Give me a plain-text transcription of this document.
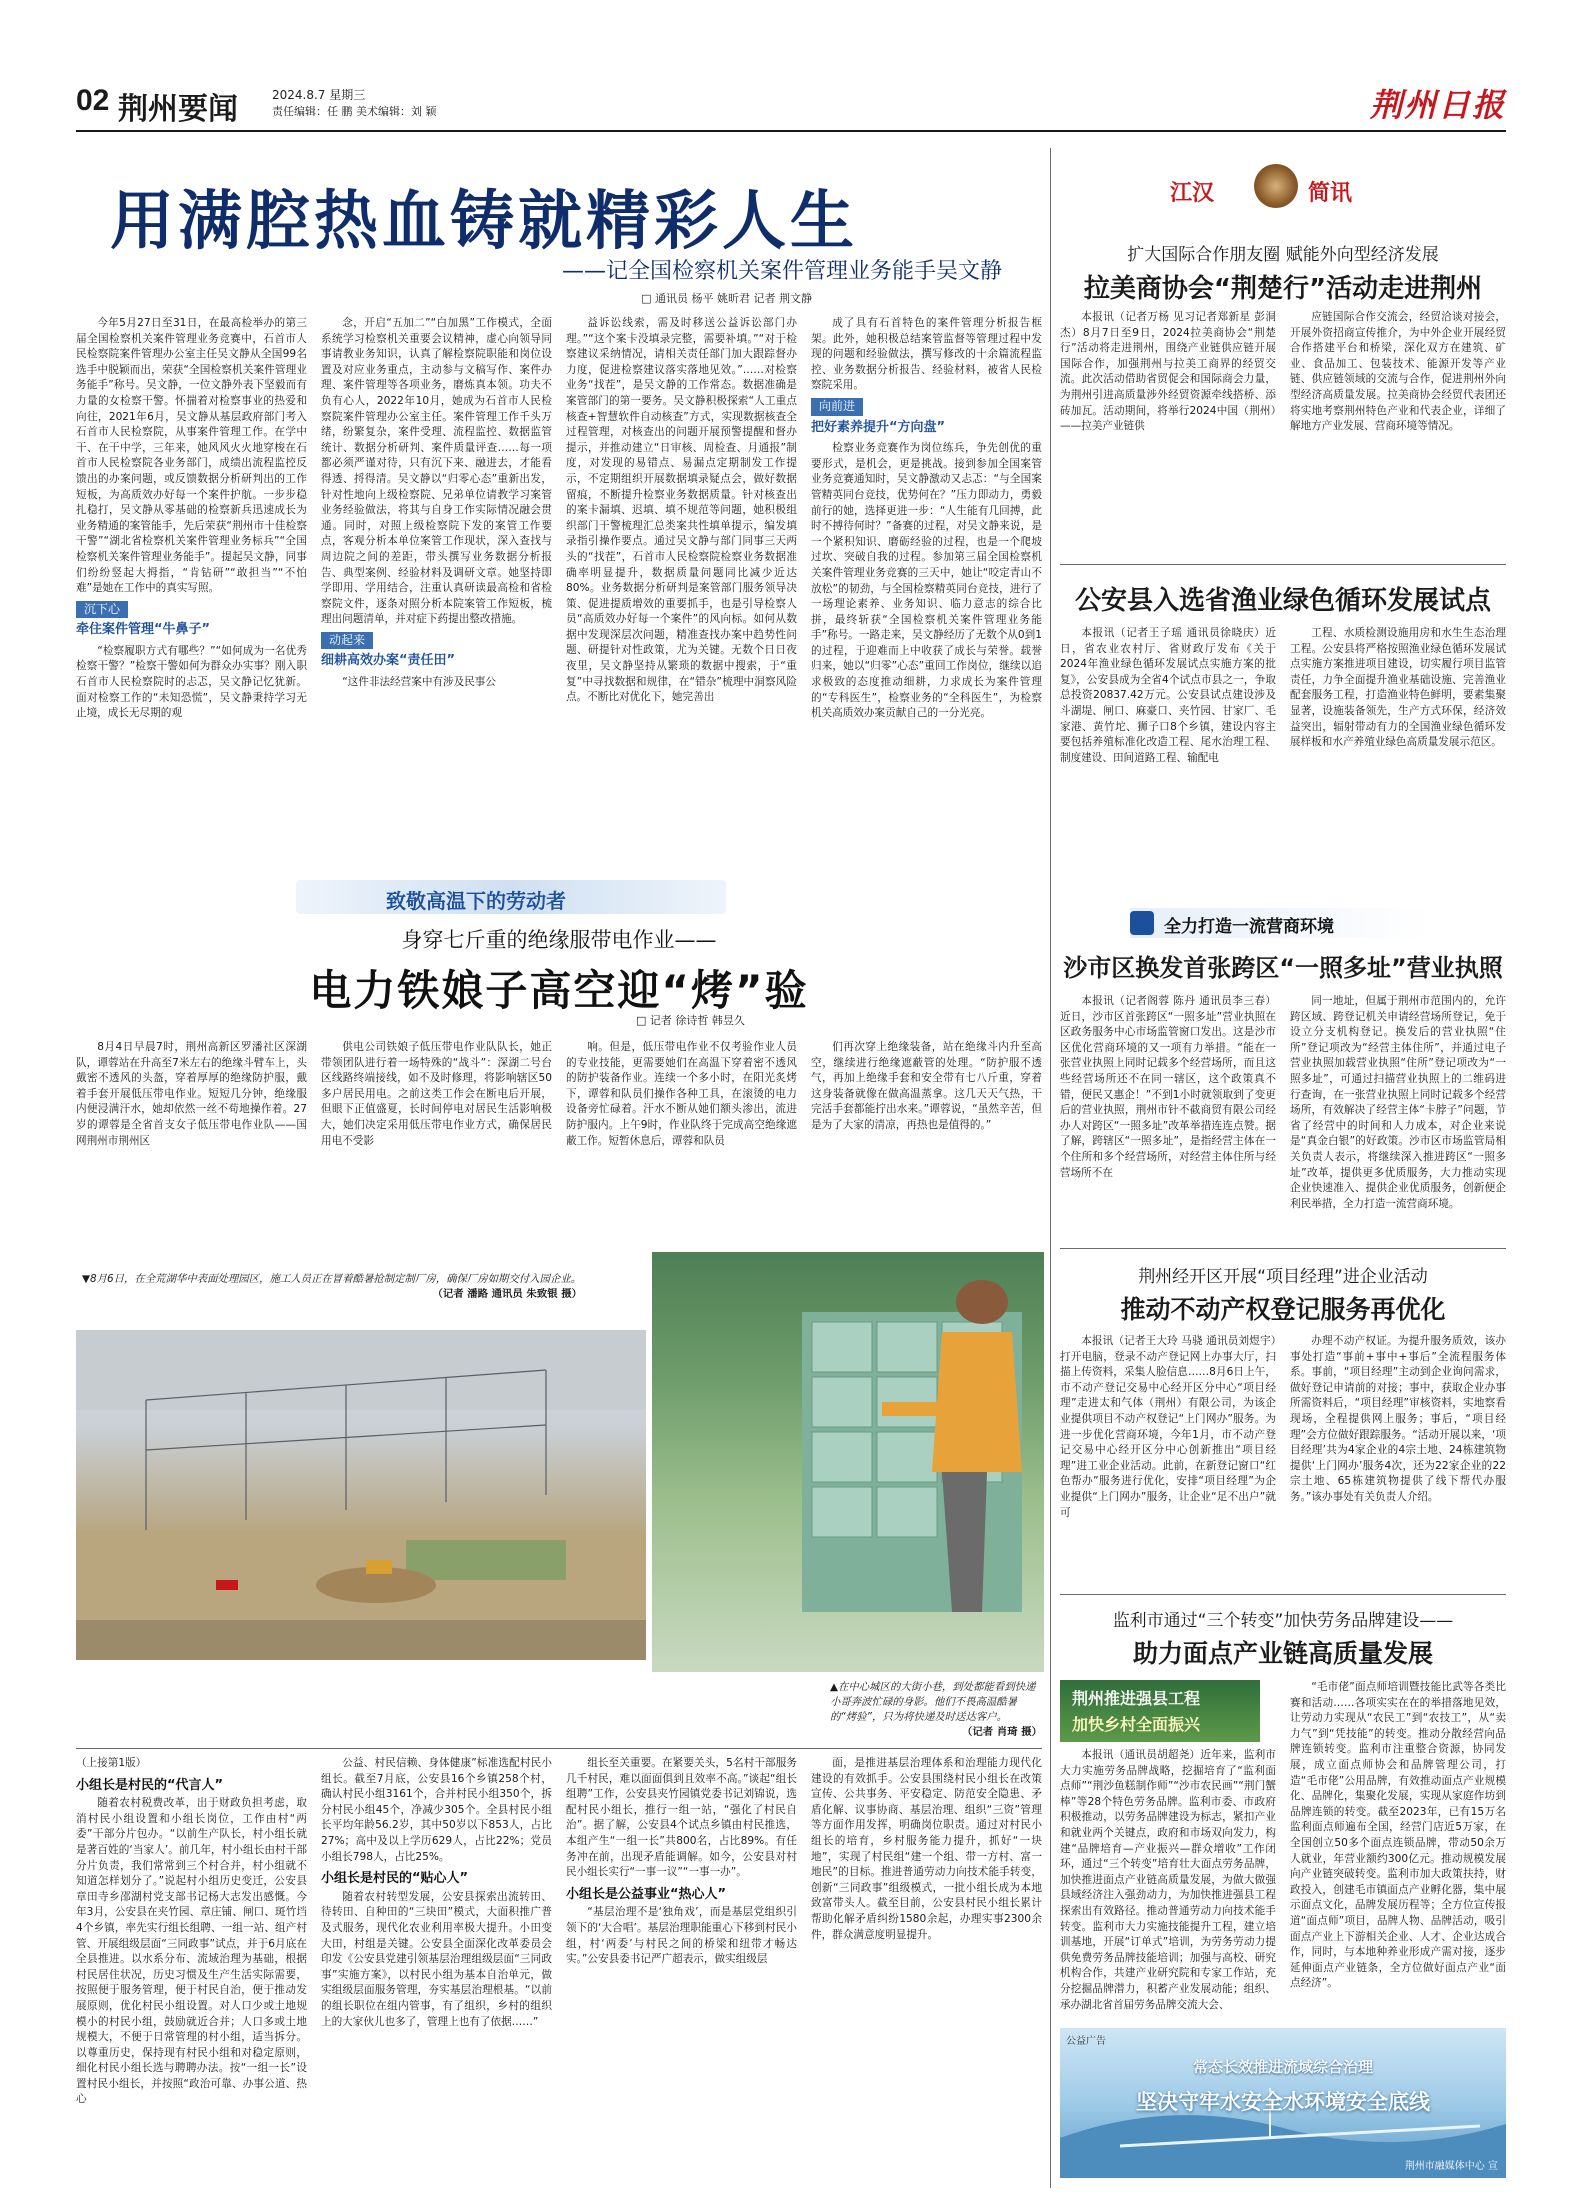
02 荆州要闻	2024.8.7 星期三
责任编辑：任 鹏 美术编辑：刘 颖	荆州日报
用满腔热血铸就精彩人生
——记全国检察机关案件管理业务能手吴文静
□ 通讯员 杨平 姚昕君 记者 荆文静

今年5月27日至31日，在最高检举办的第三届全国检察机关案件管理业务竞赛中，石首市人民检察院案件管理办公室主任吴文静从全国99名选手中脱颖而出，荣获“全国检察机关案件管理业务能手”称号。吴文静，一位文静外表下坚毅而有力量的女检察干警。怀揣着对检察事业的热爱和向往，2021年6月，吴文静从基层政府部门考入石首市人民检察院，从事案件管理工作。在学中干、在干中学，三年来，她风风火火地穿梭在石首市人民检察院各业务部门，成绩出流程监控反馈出的办案问题，或反馈数据分析研判出的工作短板，为高质效办好每一个案件护航。一步步稳扎稳打，吴文静从零基础的检察新兵迅速成长为业务精通的案管能手，先后荣获“荆州市十佳检察干警”“湖北省检察机关案件管理业务标兵”“全国检察机关案件管理业务能手”。提起吴文静，同事们纷纷竖起大拇指，“肯钻研”“敢担当”“不怕难”是她在工作中的真实写照。

沉下心
牵住案件管理“牛鼻子”

“检察履职方式有哪些？”“如何成为一名优秀检察干警？”检察干警如何为群众办实事？刚入职石首市人民检察院时的忐忑，吴文静记忆犹新。面对检察工作的“未知恐慌”，吴文静秉持学习无止境，成长无尽期的观

念，开启“五加二”“白加黑”工作模式，全面系统学习检察机关重要会议精神，虚心向领导同事请教业务知识，认真了解检察院职能和岗位设置及对应业务重点，主动参与文稿写作、案件办理、案件管理等各项业务，磨炼真本领。功夫不负有心人，2022年10月，她成为石首市人民检察院案件管理办公室主任。案件管理工作千头万绪，纷繁复杂，案件受理、流程监控、数据监管统计、数据分析研判、案件质量评查……每一项都必须严谨对待，只有沉下来、融进去，才能看得透、捋得清。吴文静以“归零心态”重新出发，针对性地向上级检察院、兄弟单位请教学习案管业务经验做法，将其与自身工作实际情况融会贯通。同时，对照上级检察院下发的案管工作要点，客观分析本单位案管工作现状，深入查找与周边院之间的差距，带头撰写业务数据分析报告、典型案例、经验材料及调研文章。她坚持即学即用、学用结合，注重认真研读最高检和省检察院文件，逐条对照分析本院案管工作短板，梳理出问题清单，并对症下药提出整改措施。

动起来
细耕高效办案“责任田”

“这件非法经营案中有涉及民事公

益诉讼线索，需及时移送公益诉讼部门办理。”“这个案卡没填录完整，需要补填。”“对于检察建议采纳情况，请相关责任部门加大跟踪督办力度，促进检察建议落实落地见效。”……对检察业务“找茬”，是吴文静的工作常态。数据准确是案管部门的第一要务。吴文静积极探索“人工重点核查+智慧软件自动核查”方式，实现数据核查全过程管理，对核查出的问题开展预警提醒和督办提示，并推动建立“日审核、周检查、月通报”制度，对发现的易错点、易漏点定期制发工作提示，不定期组织开展数据填录疑点会，做好数据留痕，不断提升检察业务数据质量。针对核查出的案卡漏填、迟填、填不规范等问题，她积极组织部门干警梳理汇总类案共性填单提示，编发填录指引操作要点。通过吴文静与部门同事三天两头的“找茬”，石首市人民检察院检察业务数据准确率明显提升，数据质量问题同比减少近达80%。业务数据分析研判是案管部门服务领导决策、促进提质增效的重要抓手，也是引导检察人员“高质效办好每一个案件”的风向标。如何从数据中发现深层次问题，精准查找办案中趋势性问题、研提针对性政策，尤为关键。无数个日日夜夜里，吴文静坚持从繁琐的数据中搜索，于“重复”中寻找数据和规律，在“错杂”梳理中洞察风险点。不断比对优化下，她完善出

成了具有石首特色的案件管理分析报告框架。此外，她积极总结案管监督等管理过程中发现的问题和经验做法，撰写修改的十余篇流程监控、业务数据分析报告、经验材料，被省人民检察院采用。

向前进
把好素养提升“方向盘”

检察业务竞赛作为岗位练兵，争先创优的重要形式，是机会，更是挑战。接到参加全国案管业务竞赛通知时，吴文静激动又忐忑：“与全国案管精英同台竞技，优势何在？”压力即动力，勇毅前行的她，选择更进一步：“人生能有几回搏，此时不搏待何时？”备赛的过程，对吴文静来说，是一个紧积知识、磨砺经验的过程，也是一个爬坡过坎、突破自我的过程。参加第三届全国检察机关案件管理业务竞赛的三天中，她让“咬定青山不放松”的韧劲，与全国检察精英同台竞技，进行了一场理论素养、业务知识、临力意志的综合比拼，最终斩获“全国检察机关案件管理业务能手”称号。一路走来，吴文静经历了无数个从0到1的过程，于迎难而上中收获了成长与荣誉。载誉归来，她以“归零”心态”重回工作岗位，继续以追求极致的态度推动细耕，力求成长为案件管理的“专科医生”，检察业务的“全科医生”，为检察机关高质效办案贡献自己的一分光亮。

致敬高温下的劳动者
身穿七斤重的绝缘服带电作业——
电力铁娘子高空迎“烤”验
□ 记者 徐诗哲 韩昱久

8月4日早晨7时，荆州高新区罗潘社区深湖队，谭蓉站在升高至7米左右的绝缘斗臂车上，头戴密不透风的头盔，穿着厚厚的绝缘防护服，戴着手套开展低压带电作业。短短几分钟，绝缘服内便浸满汗水，她却依然一丝不苟地操作着。27岁的谭蓉是全省首支女子低压带电作业队——国网荆州市荆州区

供电公司铁娘子低压带电作业队队长，她正带领团队进行着一场特殊的“战斗”：深湖二号台区线路终端接线，如不及时修理，将影响辖区50多户居民用电。之前这类工作会在断电后开展，但眼下正值盛夏，长时间停电对居民生活影响极大，她们决定采用低压带电作业方式，确保居民用电不受影

响。但是，低压带电作业不仅考验作业人员的专业技能，更需要她们在高温下穿着密不透风的防护装备作业。连续一个多小时，在阳光炙烤下，谭蓉和队员们操作各种工具，在滚烫的电力设备旁忙碌着。汗水不断从她们额头渗出，流进防护服内。上午9时，作业队终于完成高空绝缘遮蔽工作。短暂休息后，谭蓉和队员

们再次穿上绝缘装备，站在绝缘斗内升至高空，继续进行绝缘遮蔽管的处理。“防护服不透气，再加上绝缘手套和安全带有七八斤重，穿着这身装备就像在做高温蒸拿。这几天天气热，干完活手套都能拧出水来。”谭蓉说，“虽然辛苦，但是为了大家的清凉，再热也是值得的。”

▼8月6日，在全荒湖华中表面处理园区，施工人员正在冒着酷暑抢制定制厂房，确保厂房如期交付入园企业。
（记者 潘路 通讯员 朱致银 摄）
▲在中心城区的大街小巷，到处都能看到快递小哥奔波忙碌的身影。他们不畏高温酷暑的“烤验”，只为将快递及时送达客户。
（记者 肖琦 摄）
（上接第1版）
小组长是村民的“代言人”

随着农村税费改革，出于财政负担考虑，取消村民小组设置和小组长岗位，工作由村“两委”干部分片包办。“以前生产队长，村小组长就是著百姓的‘当家人’。前几年，村小组长由村干部分片负责，我们常常到三个村合并，村小组就不知道怎样划分了。”说起村小组历史变迁，公安县章田寺乡邵湖村党支部书记杨大志发出感慨。今年3月，公安县在夹竹园、章庄铺、闸口、斑竹垱4个乡镇，率先实行组长组聘、一组一站、组产村管、开展组级层面“三同政事”试点，并于6月底在全县推进。以水系分布、流域治理为基础，根据村民居住状况，历史习惯及生产生活实际需要，按照便于服务管理，便于村民自治，便于推动发展原则，优化村民小组设置。对人口少或土地规模小的村民小组，鼓励就近合并；人口多或土地规模大，不便于日常管理的村小组，适当拆分。以尊重历史，保持现有村民小组和对稳定原则，细化村民小组长选与聘聘办法。按“一组一长”设置村民小组长，并按照“政治可靠、办事公道、热心

公益、村民信赖、身体健康”标准选配村民小组长。截至7月底，公安县16个乡镇258个村，确认村民小组3161个，合并村民小组350个，拆分村民小组45个，净减少305个。全县村民小组长平均年龄56.2岁，其中50岁以下853人，占比27%；高中及以上学历629人，占比22%；党员小组长798人，占比25%。

小组长是村民的“贴心人”

随着农村转型发展，公安县探索出流转田、待转田、自种田的“三块田”模式，大面积推广普及式服务，现代化农业利用率极大提升。小田变大田，村组是关键。公安县全面深化改革委员会印发《公安县党建引领基层治理组级层面“三同政事”实施方案》，以村民小组为基本自治单元，做实组级层面服务管理，夯实基层治理根基。“以前的组长职位在组内管事，有了组织，乡村的组织上的大家伙儿也多了，管理上也有了依据……”

组长至关重要。在紧要关头，5名村干部服务几千村民，难以面面俱到且效率不高。”谈起“组长组聘”工作，公安县夹竹园镇党委书记刘锦说，选配村民小组长，推行一组一站，“强化了村民自治”。据了解，公安县4个试点乡镇由村民推选，本组产生“一组一长”共800名，占比89%。有任务冲在前，出现矛盾能调解。如今，公安县对村民小组长实行“一事一议”“一事一办”。

小组长是公益事业“热心人”

“基层治理不是‘独角戏’，而是基层党组织引领下的‘大合唱’。基层治理职能重心下移到村民小组，村‘两委’与村民之间的桥梁和纽带才畅达实。”公安县委书记严广超表示，做实组级层

面，是推进基层治理体系和治理能力现代化建设的有效抓手。公安县围绕村民小组长在改策宣传、公共事务、平安稳定、防范安全隐患、矛盾化解、议事协商、基层治理、组织“三资”管理等方面作用发挥，明确岗位职责。通过对村民小组长的培育，乡村服务能力提升，抓好“一块地”，实现了村民组“建一个组、带一方村、富一地民”的目标。推进普通劳动力向技术能手转变，创新“三同政事”组级模式，一批小组长成为本地致富带头人。截至目前，公安县村民小组长累计帮助化解矛盾纠纷1580余起，办理实事2300余件，群众满意度明显提升。

江汉	简讯
扩大国际合作朋友圈 赋能外向型经济发展
拉美商协会“荆楚行”活动走进荆州

本报讯（记者万杨 见习记者郑新星 彭洞杰）8月7日至9日，2024拉美商协会“荆楚行”活动将走进荆州，围绕产业链供应链开展国际合作，加强荆州与拉美工商界的经贸交流。此次活动借助省贸促会和国际商会力量，为荆州引进高质量涉外经贸资源牵线搭桥、添砖加瓦。活动期间，将举行2024中国（荆州）——拉美产业链供

应链国际合作交流会，经贸洽谈对接会，开展外资招商宣传推介，为中外企业开展经贸合作搭建平台和桥梁，深化双方在建筑、矿业、食品加工、包装技术、能源开发等产业链、供应链领域的交流与合作，促进荆州外向型经济高质量发展。拉美商协会经贸代表团还将实地考察荆州特色产业和代表企业，详细了解地方产业发展、营商环境等情况。

公安县入选省渔业绿色循环发展试点

本报讯（记者王子瑶 通讯员徐晓庆）近日，省农业农村厅、省财政厅发布《关于2024年渔业绿色循环发展试点实施方案的批复》，公安县成为全省4个试点市县之一，争取总投资20837.42万元。公安县试点建设涉及斗湖堤、闸口、麻豪口、夹竹园、甘家厂、毛家港、黄竹坨、狮子口8个乡镇，建设内容主要包括养殖标准化改造工程、尾水治理工程、制度建设、田间道路工程、输配电

工程、水质检测设施用房和水生生态治理工程。公安县将严格按照渔业绿色循环发展试点实施方案推进项目建设，切实履行项目监管责任，力争全面提升渔业基础设施、完善渔业配套服务工程，打造渔业特色鲜明，要素集聚显著，设施装备领先，生产方式环保，经济效益突出，辐射带动有力的全国渔业绿色循环发展样板和水产养殖业绿色高质量发展示范区。

全力打造一流营商环境
沙市区换发首张跨区“一照多址”营业执照

本报讯（记者阁蓉 陈丹 通讯员李三春）近日，沙市区首张跨区“一照多址”营业执照在区政务服务中心市场监管窗口发出。这是沙市区优化营商环境的又一项有力举措。“能在一张营业执照上同时记载多个经营场所，而且这些经营场所还不在同一辖区，这个政策真不错，便民又惠企！”不到1小时就领取到了变更后的营业执照，荆州市针不截商贸有限公司经办人对跨区“一照多址”改革举措连连点赞。据了解，跨辖区“一照多址”，是指经营主体在一个住所和多个经营场所，对经营主体住所与经营场所不在

同一地址，但属于荆州市范围内的，允许跨区域、跨登记机关申请经营场所登记，免于设立分支机构登记。换发后的营业执照“住所”登记项改为“经营主体住所”，并通过电子营业执照加载营业执照“住所”登记项改为“一照多址”，可通过扫描营业执照上的二维码进行查询，在一张营业执照上同时记载多个经营场所，有效解决了经营主体“卡脖子”问题，节省了经营中的时间和人力成本，对企业来说是“真金白银”的好政策。沙市区市场监管局相关负责人表示，将继续深入推进跨区“一照多址”改革，提供更多优质服务，大力推动实现企业快速准入、提供企业优质服务，创新便企利民举措，全力打造一流营商环境。

荆州经开区开展“项目经理”进企业活动
推动不动产权登记服务再优化

本报讯（记者王大玲 马骁 通讯员刘煜宇）打开电脑，登录不动产登记网上办事大厅，扫描上传资料，采集人脸信息……8月6日上午，市不动产登记交易中心经开区分中心“项目经理”走进太和气体（荆州）有限公司，为该企业提供项目不动产权登记“上门网办”服务。为进一步优化营商环境，今年1月，市不动产登记交易中心经开区分中心创新推出“项目经理”进工业企业活动。此前，在新登记窗口“红色帮办”服务进行优化，安排“项目经理”为企业提供“上门网办”服务，让企业“足不出户”就可

办理不动产权证。为提升服务质效，该办事处打造“事前+事中+事后”全流程服务体系。事前，“项目经理”主动到企业询问需求，做好登记申请前的对接；事中，获取企业办事所需资料后，“项目经理”审核资料，实地察看现场，全程提供网上服务；事后，“项目经理”会方位做好跟踪服务。“活动开展以来，‘项目经理’共为4家企业的4宗土地、24栋建筑物提供‘上门网办’服务4次，还为22家企业的22宗土地、65栋建筑物提供了线下帮代办服务。”该办事处有关负责人介绍。

监利市通过“三个转变”加快劳务品牌建设——
助力面点产业链高质量发展
荆州推进强县工程
加快乡村全面振兴

本报讯（通讯员胡超尧）近年来，监利市大力实施劳务品牌战略，挖掘培育了“监利面点师”“荆沙鱼糕制作师”“沙市农民画”“荆门蟹棒”等28个特色劳务品牌。监利市委、市政府积极推动，以劳务品牌建设为标志，紧扣产业和就业两个关键点，政府和市场双向发力，构建“品牌培育—产业振兴—群众增收”工作闭环，通过“三个转变”培育壮大面点劳务品牌，加快推进面点产业链高质量发展，为做大做强县域经济注入强劲动力，为加快推进强县工程探索出有效路径。推动普通劳动力向技术能手转变。监利市大力实施技能提升工程，建立培训基地，开展“订单式”培训，为劳务劳动力提供免费劳务品牌技能培训；加强与高校、研究机构合作，共建产业研究院和专家工作站，充分挖掘品牌潜力，积蓄产业发展动能；组织、承办湖北省首届劳务品牌交流大会、

“毛市佬”面点师培训暨技能比武等各类比赛和活动……各项实实在在的举措落地见效，让劳动力实现从“农民工”到“农技工”，从“卖力气”到“凭技能”的转变。推动分散经营向品牌连锁转变。监利市注重整合资源，协同发展，成立面点师协会和品牌管理公司，打造“毛市佬”公用品牌，有效推动面点产业规模化、品牌化，集聚化发展，实现从家庭作坊到品牌连锁的转变。截至2023年，已有15万名监利面点师遍布全国，经营门店近5万家，在全国创立50多个面点连锁品牌，带动50余万人就业，年营业额约300亿元。推动规模发展向产业链突破转变。监利市加大政策扶持，财政投入，创建毛市镇面点产业孵化器，集中展示面点文化，品牌发展历程等；全方位宣传报道“面点师”项目，品牌人物、品牌活动，吸引面点产业上下游相关企业、人才、企业达成合作，同时，与本地种养业形成产需对接，逐步延伸面点产业链条，全方位做好面点产业“面点经济”。

公益广告
常态长效推进流域综合治理
坚决守牢水安全水环境安全底线
荆州市融媒体中心 宣
